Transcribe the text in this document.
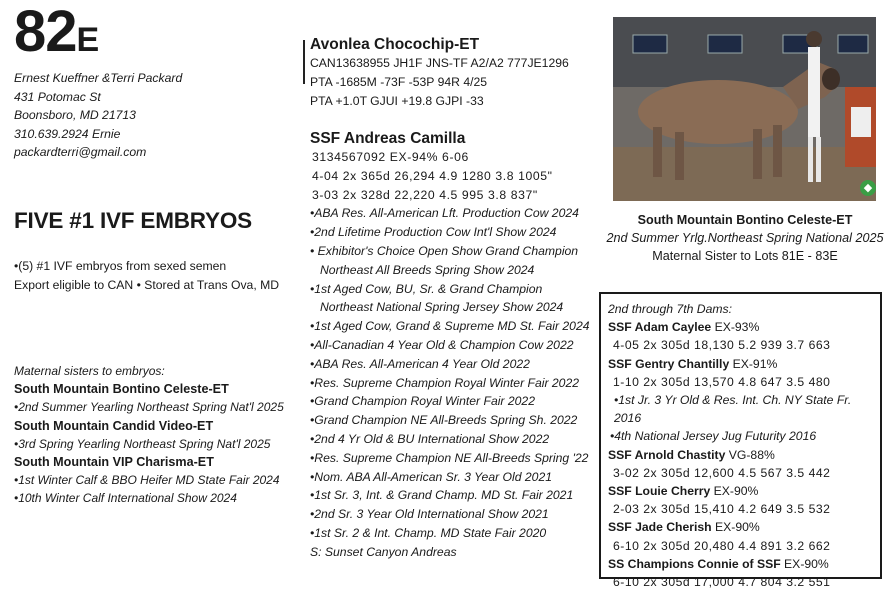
82E
Ernest Kueffner &Terri Packard
431 Potomac St
Boonsboro, MD 21713
310.639.2924 Ernie
packardterri@gmail.com
FIVE #1 IVF EMBRYOS
•(5) #1 IVF embryos from sexed semen
Export eligible to CAN • Stored at Trans Ova, MD
Maternal sisters to embryos:
South Mountain Bontino Celeste-ET
•2nd Summer Yearling Northeast Spring Nat'l 2025
South Mountain Candid Video-ET
•3rd Spring Yearling Northeast Spring Nat'l 2025
South Mountain VIP Charisma-ET
•1st Winter Calf & BBO Heifer MD State Fair 2024
•10th Winter Calf International Show 2024
Avonlea Chocochip-ET
CAN13638955 JH1F JNS-TF A2/A2 777JE1296
PTA -1685M -73F -53P 94R 4/25
PTA +1.0T GJUI +19.8 GJPI -33
SSF Andreas Camilla
3134567092 EX-94% 6-06
4-04 2x 365d 26,294 4.9 1280 3.8 1005"
3-03 2x 328d 22,220 4.5 995 3.8 837"
•ABA Res. All-American Lft. Production Cow 2024
•2nd Lifetime Production Cow Int'l Show 2024
• Exhibitor's Choice Open Show Grand Champion
Northeast All Breeds Spring Show 2024
•1st Aged Cow, BU, Sr. & Grand Champion
Northeast National Spring Jersey Show 2024
•1st Aged Cow, Grand & Supreme MD St. Fair 2024
•All-Canadian 4 Year Old & Champion Cow 2022
•ABA Res. All-American 4 Year Old 2022
•Res. Supreme Champion Royal Winter Fair 2022
•Grand Champion Royal Winter Fair 2022
•Grand Champion NE All-Breeds Spring Sh. 2022
•2nd 4 Yr Old & BU International Show 2022
•Res. Supreme Champion NE All-Breeds Spring '22
•Nom. ABA All-American Sr. 3 Year Old 2021
•1st Sr. 3, Int. & Grand Champ. MD St. Fair 2021
•2nd Sr. 3 Year Old International Show 2021
•1st Sr. 2 & Int. Champ. MD State Fair 2020
S: Sunset Canyon Andreas
◆
South Mountain Bontino Celeste-ET
2nd Summer Yrlg.Northeast Spring National 2025
Maternal Sister to Lots 81E - 83E
2nd through 7th Dams:
SSF Adam Caylee EX-93%
4-05 2x 305d 18,130 5.2 939 3.7 663
SSF Gentry Chantilly EX-91%
1-10 2x 305d 13,570 4.8 647 3.5 480
•1st Jr. 3 Yr Old & Res. Int. Ch. NY State Fr. 2016
•4th National Jersey Jug Futurity 2016
SSF Arnold Chastity VG-88%
3-02 2x 305d 12,600 4.5 567 3.5 442
SSF Louie Cherry EX-90%
2-03 2x 305d 15,410 4.2 649 3.5 532
SSF Jade Cherish EX-90%
6-10 2x 305d 20,480 4.4 891 3.2 662
SS Champions Connie of SSF EX-90%
6-10 2x 305d 17,000 4.7 804 3.2 551
